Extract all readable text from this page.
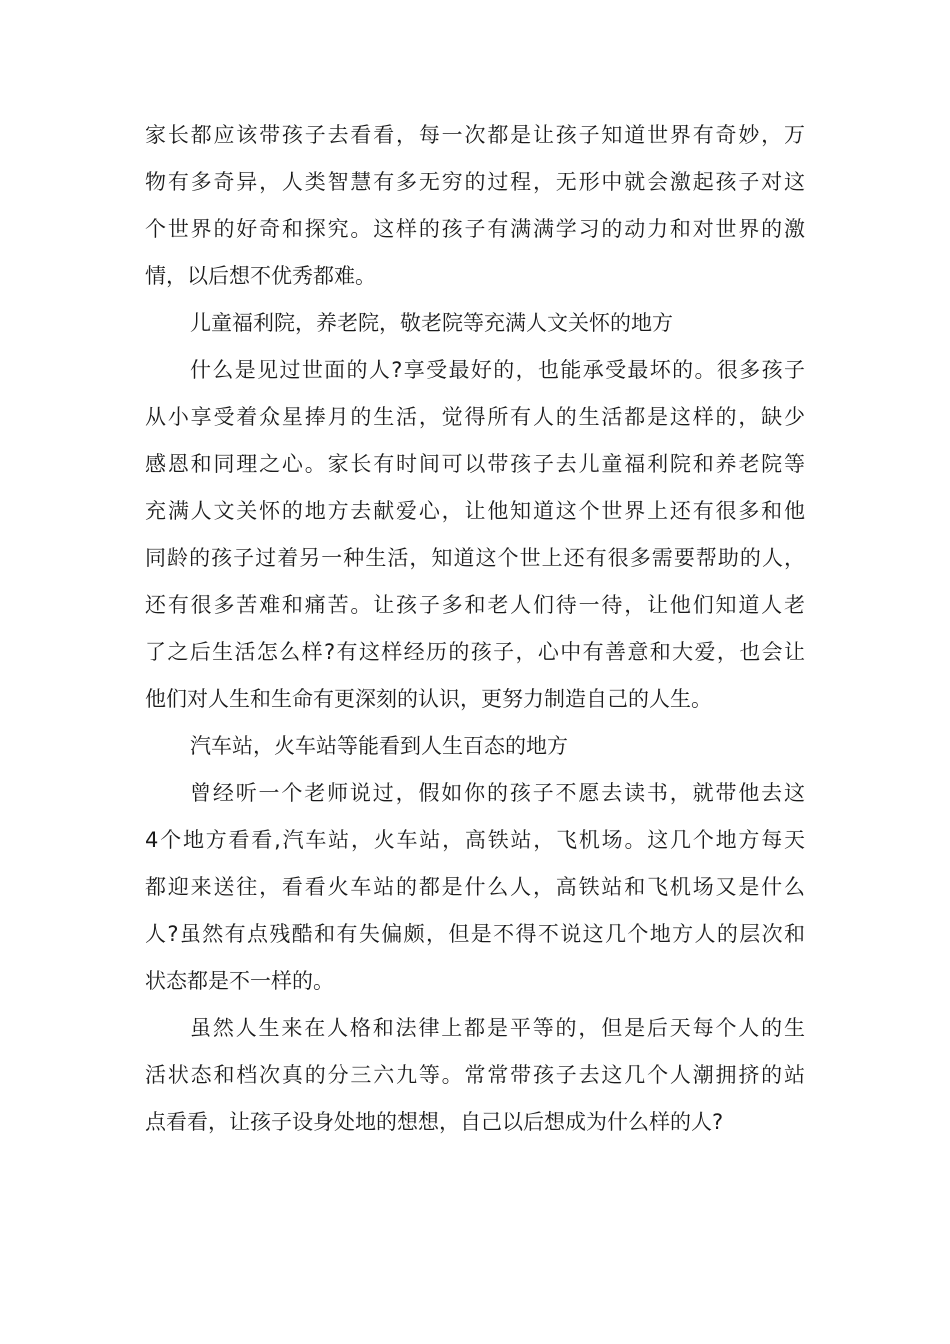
家长都应该带孩子去看看，每一次都是让孩子知道世界有奇妙，万
物有多奇异，人类智慧有多无穷的过程，无形中就会激起孩子对这
个世界的好奇和探究。这样的孩子有满满学习的动力和对世界的激
情，以后想不优秀都难。
儿童福利院，养老院，敬老院等充满人文关怀的地方
什么是见过世面的人?享受最好的，也能承受最坏的。很多孩子
从小享受着众星捧月的生活，觉得所有人的生活都是这样的，缺少
感恩和同理之心。家长有时间可以带孩子去儿童福利院和养老院等
充满人文关怀的地方去献爱心，让他知道这个世界上还有很多和他
同龄的孩子过着另一种生活，知道这个世上还有很多需要帮助的人，
还有很多苦难和痛苦。让孩子多和老人们待一待，让他们知道人老
了之后生活怎么样?有这样经历的孩子，心中有善意和大爱，也会让
他们对人生和生命有更深刻的认识，更努力制造自己的人生。
汽车站，火车站等能看到人生百态的地方
曾经听一个老师说过，假如你的孩子不愿去读书，就带他去这
4个地方看看,汽车站，火车站，高铁站，飞机场。这几个地方每天
都迎来送往，看看火车站的都是什么人，高铁站和飞机场又是什么
人?虽然有点残酷和有失偏颇，但是不得不说这几个地方人的层次和
状态都是不一样的。
虽然人生来在人格和法律上都是平等的，但是后天每个人的生
活状态和档次真的分三六九等。常常带孩子去这几个人潮拥挤的站
点看看，让孩子设身处地的想想，自己以后想成为什么样的人?
